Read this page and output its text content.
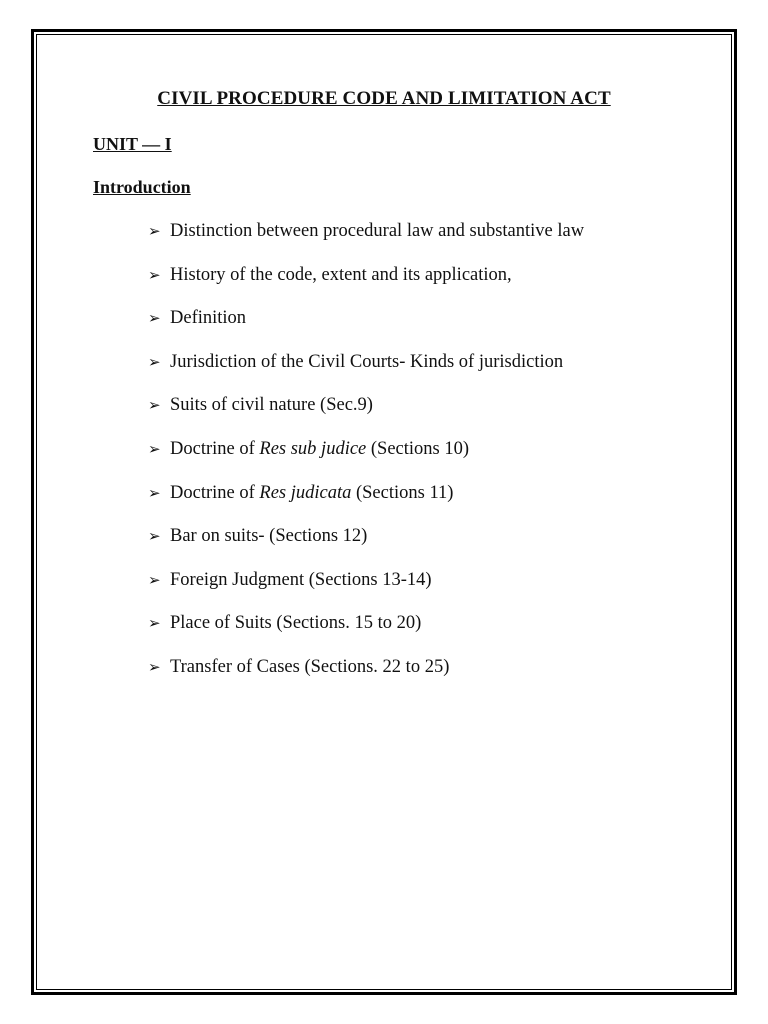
CIVIL PROCEDURE CODE AND LIMITATION ACT
UNIT — I
Introduction
➢ Distinction between procedural law and substantive law
➢ History of the code, extent and its application,
➢ Definition
➢ Jurisdiction of the Civil Courts- Kinds of jurisdiction
➢ Suits of civil nature (Sec.9)
➢ Doctrine of Res sub judice (Sections 10)
➢ Doctrine of Res judicata (Sections 11)
➢ Bar on suits- (Sections 12)
➢ Foreign Judgment (Sections 13-14)
➢ Place of Suits (Sections. 15 to 20)
➢ Transfer of Cases (Sections. 22 to 25)
